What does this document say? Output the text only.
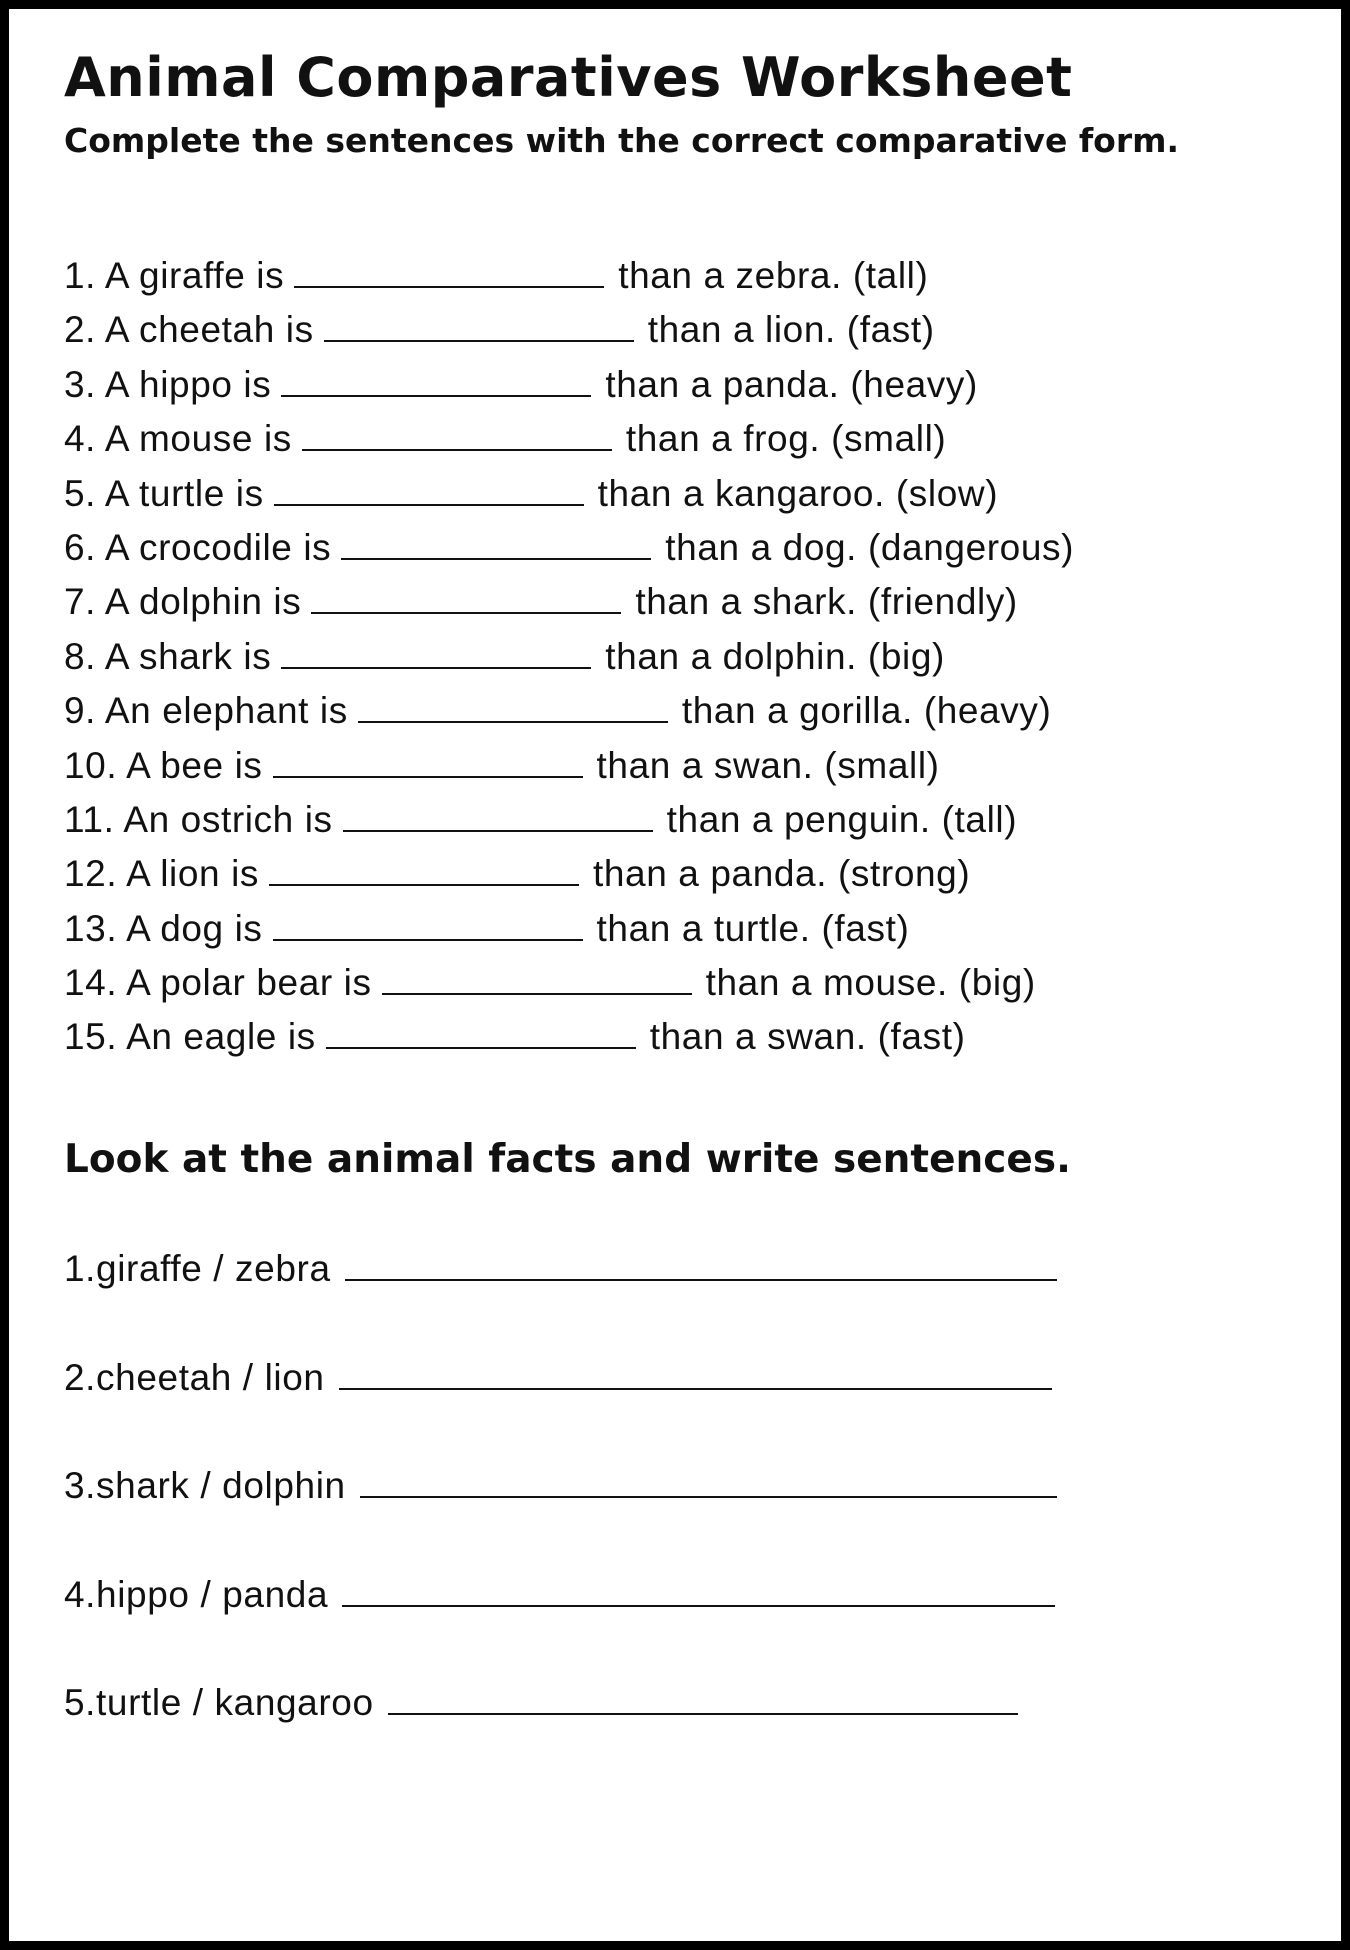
Animal Comparatives Worksheet
Complete the sentences with the correct comparative form.
1. A giraffe is	than a zebra. (tall)
2. A cheetah is	than a lion. (fast)
3. A hippo is	than a panda. (heavy)
4. A mouse is	than a frog. (small)
5. A turtle is	than a kangaroo. (slow)
6. A crocodile is	than a dog. (dangerous)
7. A dolphin is	than a shark. (friendly)
8. A shark is	than a dolphin. (big)
9. An elephant is	than a gorilla. (heavy)
10. A bee is	than a swan. (small)
11. An ostrich is	than a penguin. (tall)
12. A lion is	than a panda. (strong)
13. A dog is	than a turtle. (fast)
14. A polar bear is	than a mouse. (big)
15. An eagle is	than a swan. (fast)
Look at the animal facts and write sentences.
1.giraffe / zebra
2.cheetah / lion
3.shark / dolphin
4.hippo / panda
5.turtle / kangaroo
